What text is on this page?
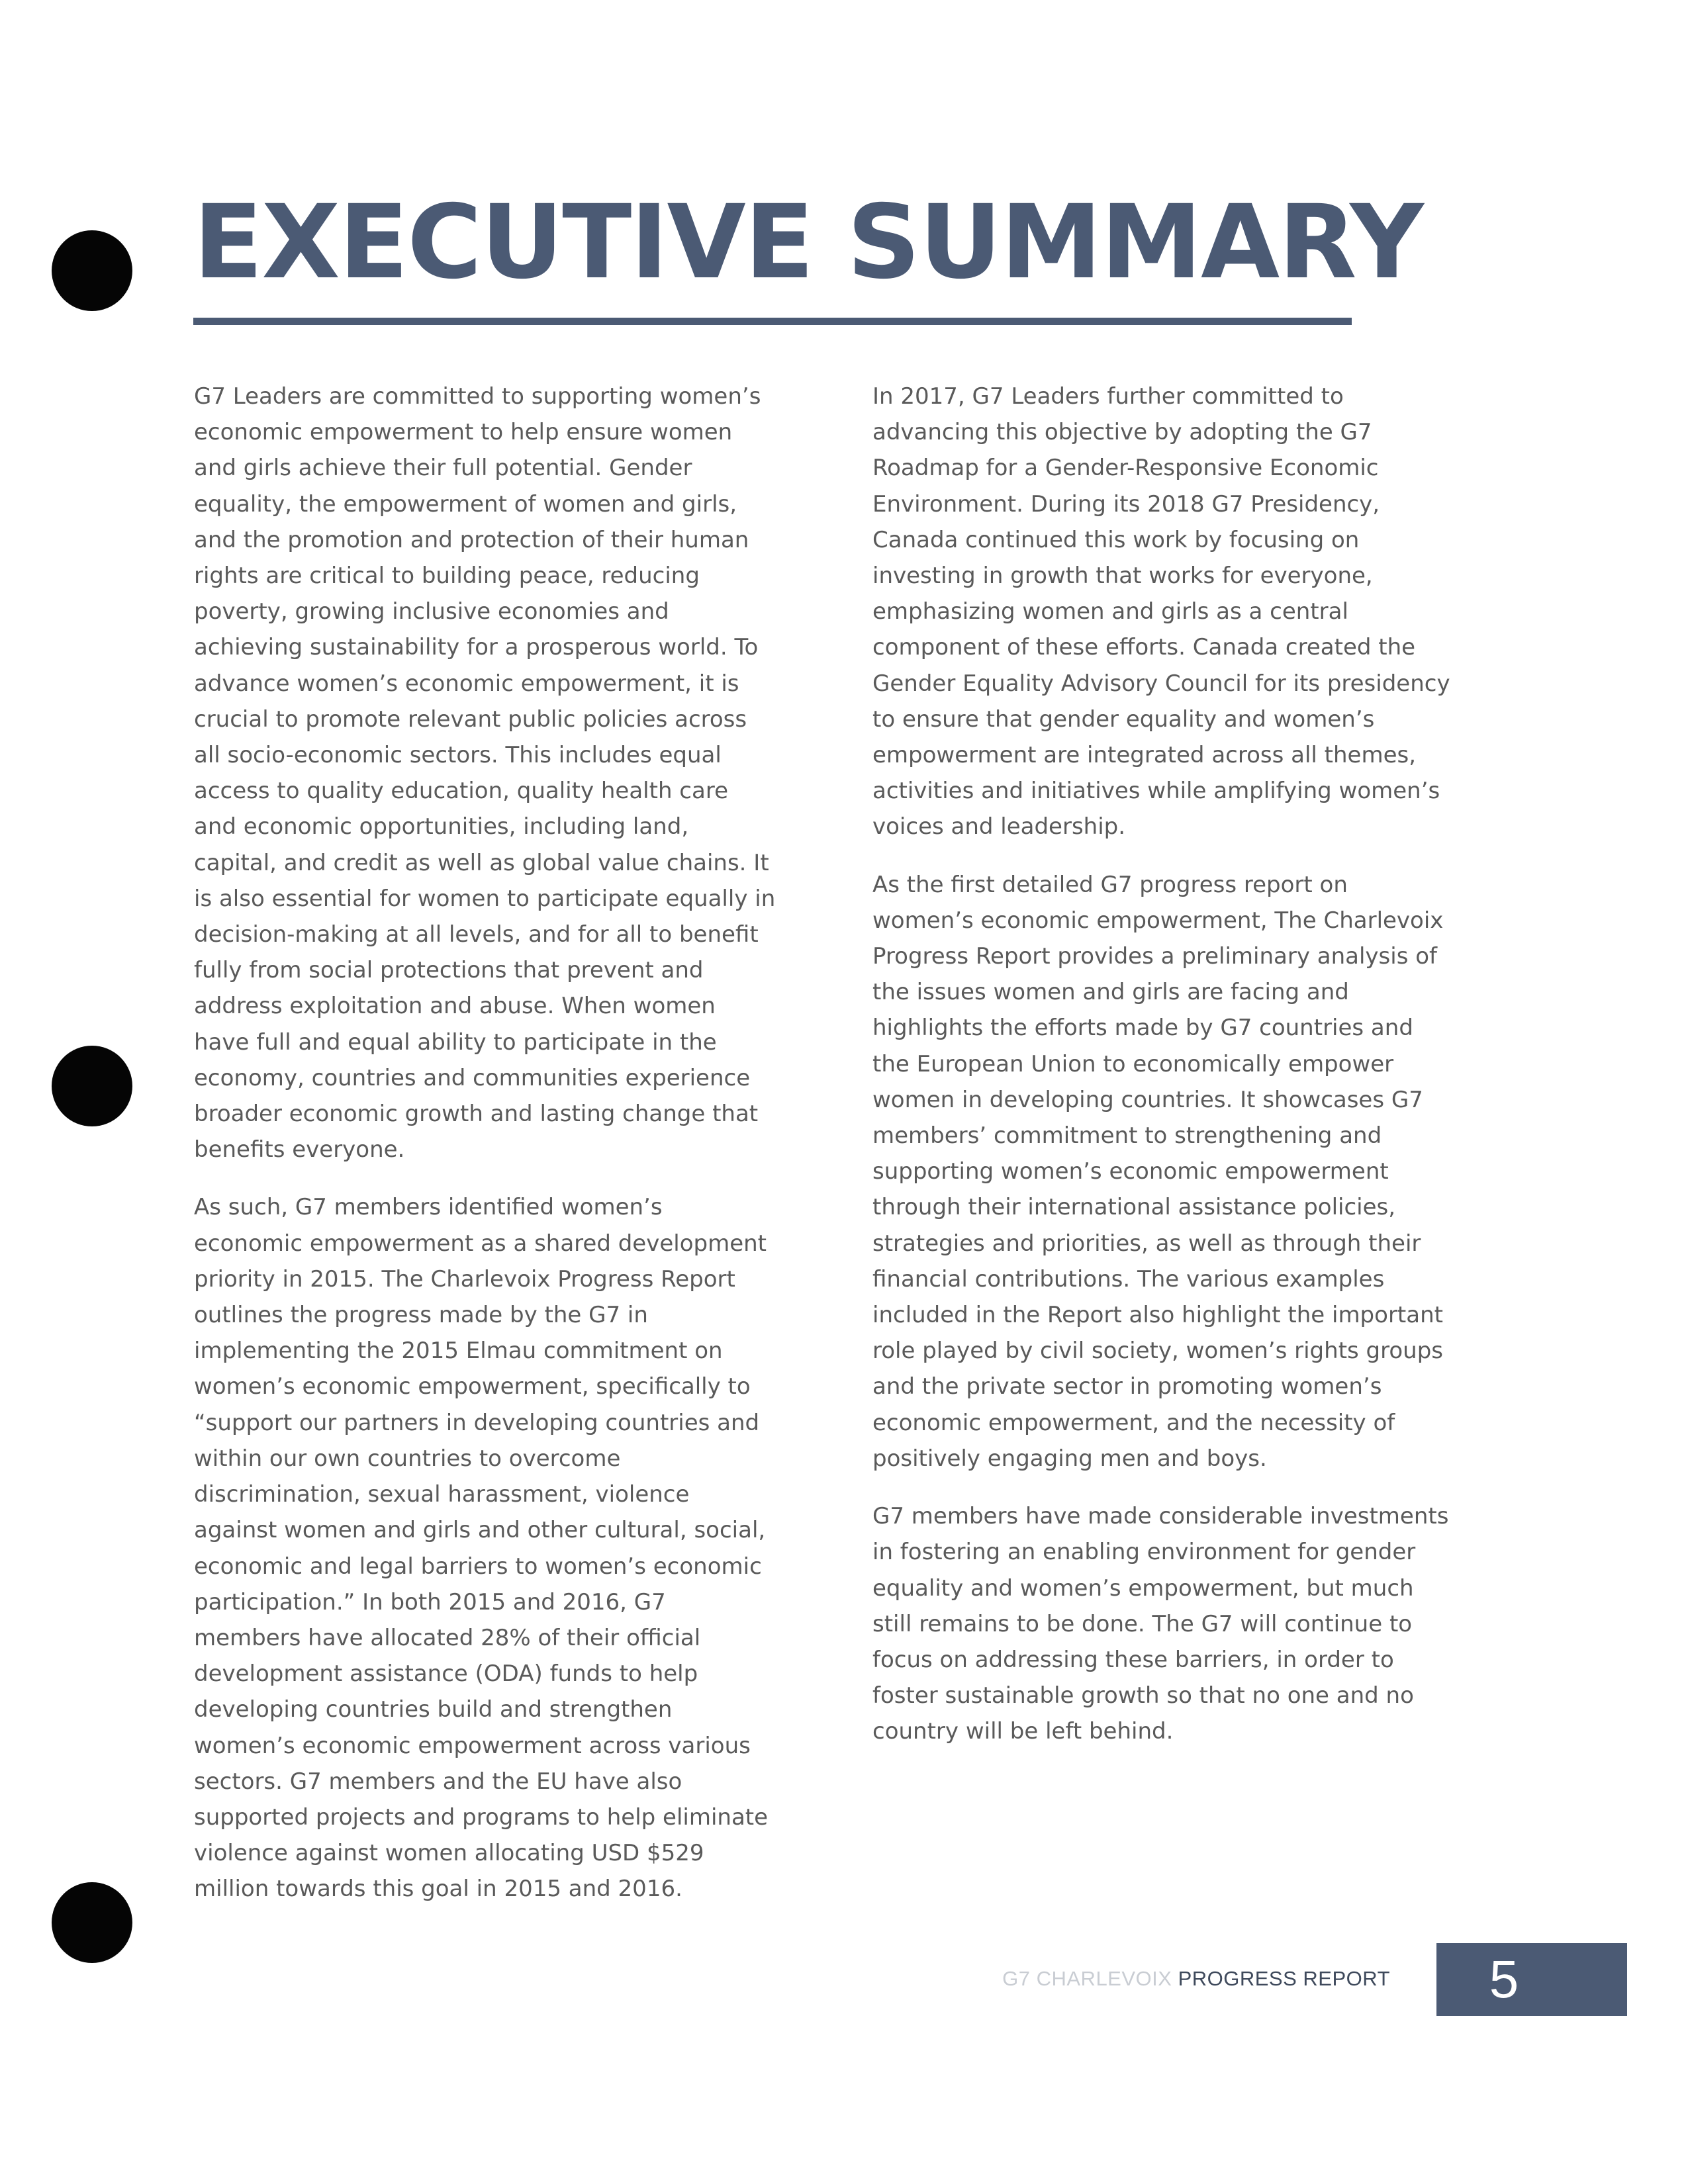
EXECUTIVE SUMMARY

G7 Leaders are committed to supporting women’s economic empowerment to help ensure women and girls achieve their full potential. Gender equality, the empowerment of women and girls, and the promotion and protection of their human rights are critical to building peace, reducing poverty, growing inclusive economies and achieving sustainability for a prosperous world. To advance women’s economic empowerment, it is crucial to promote relevant public policies across all socio-economic sectors. This includes equal access to quality education, quality health care and economic opportunities, including land, capital, and credit as well as global value chains. It is also essential for women to participate equally in decision-making at all levels, and for all to benefit fully from social protections that prevent and address exploitation and abuse. When women have full and equal ability to participate in the economy, countries and communities experience broader economic growth and lasting change that benefits everyone.

As such, G7 members identified women’s economic empowerment as a shared development priority in 2015. The Charlevoix Progress Report outlines the progress made by the G7 in implementing the 2015 Elmau commitment on women’s economic empowerment, specifically to “support our partners in developing countries and within our own countries to overcome discrimination, sexual harassment, violence against women and girls and other cultural, social, economic and legal barriers to women’s economic participation.” In both 2015 and 2016, G7 members have allocated 28% of their official development assistance (ODA) funds to help developing countries build and strengthen women’s economic empowerment across various sectors. G7 members and the EU have also supported projects and programs to help eliminate violence against women allocating USD $529 million towards this goal in 2015 and 2016.

In 2017, G7 Leaders further committed to advancing this objective by adopting the G7 Roadmap for a Gender-Responsive Economic Environment. During its 2018 G7 Presidency, Canada continued this work by focusing on investing in growth that works for everyone, emphasizing women and girls as a central component of these efforts. Canada created the Gender Equality Advisory Council for its presidency to ensure that gender equality and women’s empowerment are integrated across all themes, activities and initiatives while amplifying women’s voices and leadership.

As the first detailed G7 progress report on women’s economic empowerment, The Charlevoix Progress Report provides a preliminary analysis of the issues women and girls are facing and highlights the efforts made by G7 countries and the European Union to economically empower women in developing countries. It showcases G7 members’ commitment to strengthening and supporting women’s economic empowerment through their international assistance policies, strategies and priorities, as well as through their financial contributions. The various examples included in the Report also highlight the important role played by civil society, women’s rights groups and the private sector in promoting women’s economic empowerment, and the necessity of positively engaging men and boys.

G7 members have made considerable investments in fostering an enabling environment for gender equality and women’s empowerment, but much still remains to be done. The G7 will continue to focus on addressing these barriers, in order to foster sustainable growth so that no one and no country will be left behind.

G7 CHARLEVOIX PROGRESS REPORT 5
